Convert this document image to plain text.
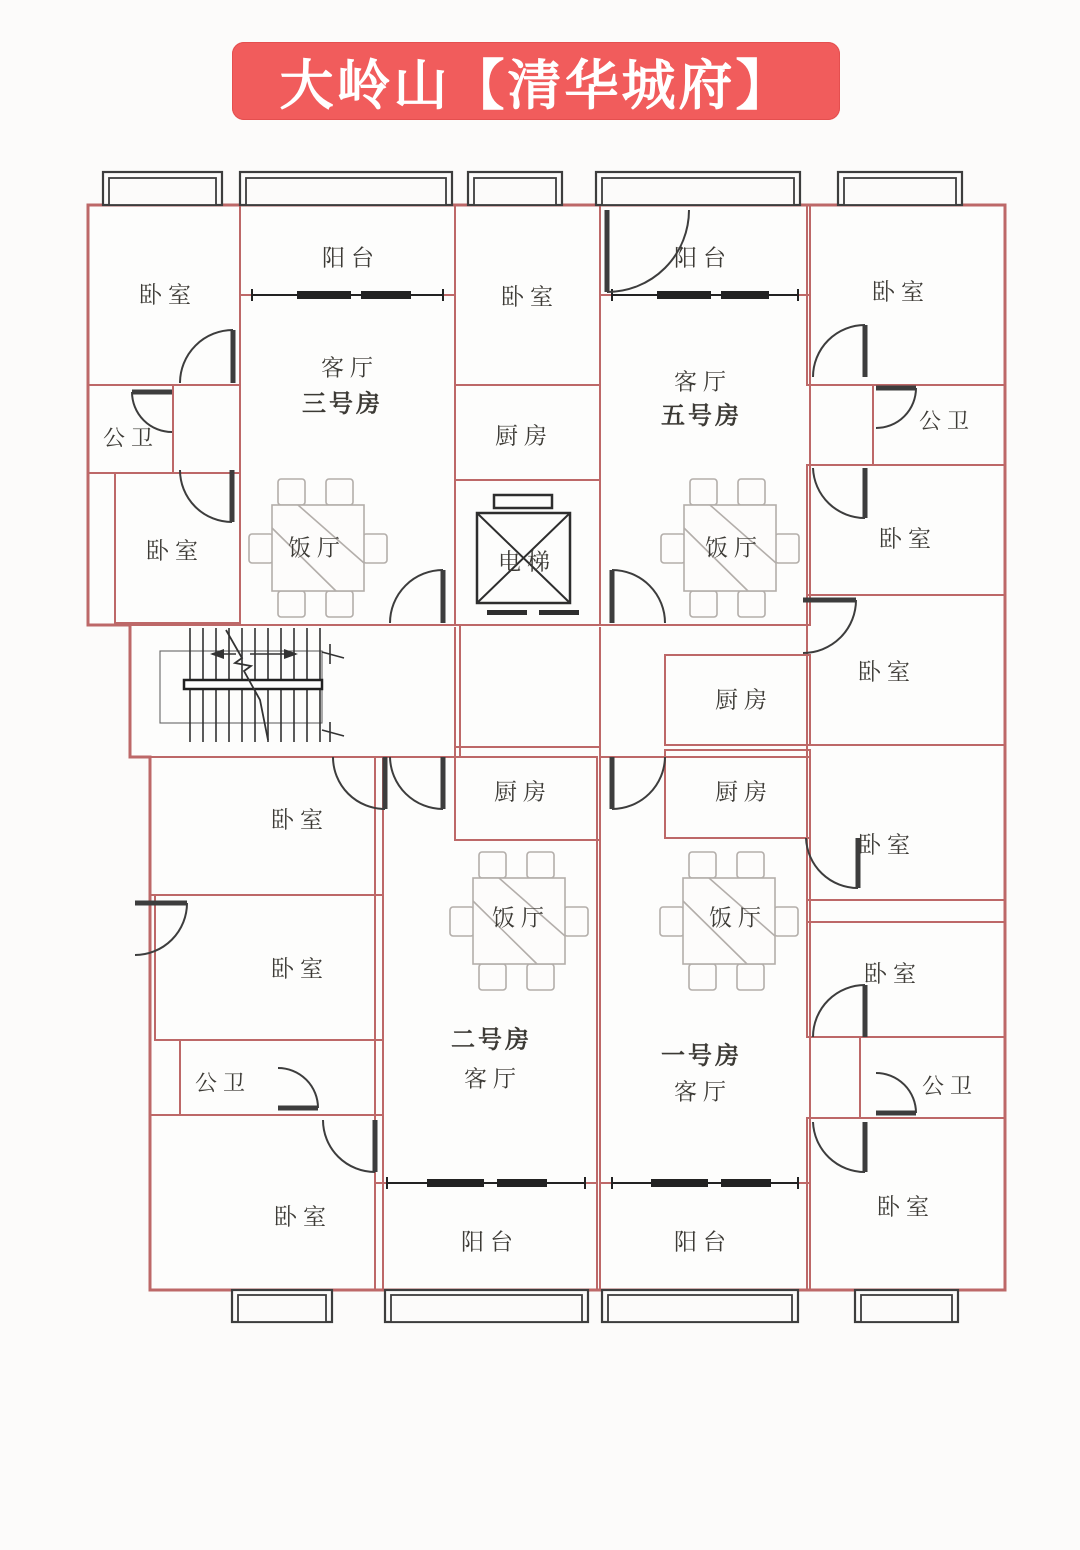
大岭山【清华城府】
阳台	阳台
卧室	卧室	卧室
客厅
三号房
客厅
五号房
公卫	厨房
公卫
卧室	饭厅
电梯
饭厅	卧室
卧室
厨房
卧室
厨房	厨房
卧室
饭厅	饭厅
卧室	卧室
二号房
客厅
一号房
客厅
公卫	公卫
卧室	卧室
阳台	阳台
